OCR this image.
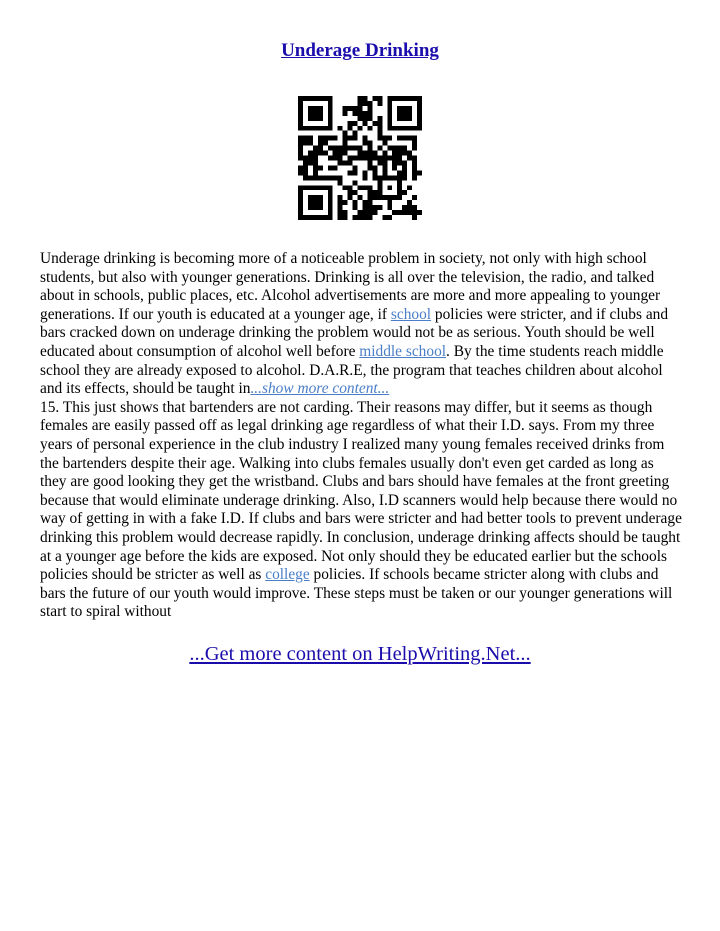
Underage Drinking

Underage drinking is becoming more of a noticeable problem in society, not only with high school students, but also with younger generations. Drinking is all over the television, the radio, and talked about in schools, public places, etc. Alcohol advertisements are more and more appealing to younger generations. If our youth is educated at a younger age, if school policies were stricter, and if clubs and bars cracked down on underage drinking the problem would not be as serious. Youth should be well educated about consumption of alcohol well before middle school. By the time students reach middle school they are already exposed to alcohol. D.A.R.E, the program that teaches children about alcohol and its effects, should be taught in...show more content...

15. This just shows that bartenders are not carding. Their reasons may differ, but it seems as though females are easily passed off as legal drinking age regardless of what their I.D. says. From my three years of personal experience in the club industry I realized many young females received drinks from the bartenders despite their age. Walking into clubs females usually don't even get carded as long as they are good looking they get the wristband. Clubs and bars should have females at the front greeting because that would eliminate underage drinking. Also, I.D scanners would help because there would no way of getting in with a fake I.D. If clubs and bars were stricter and had better tools to prevent underage drinking this problem would decrease rapidly. In conclusion, underage drinking affects should be taught at a younger age before the kids are exposed. Not only should they be educated earlier but the schools policies should be stricter as well as college policies. If schools became stricter along with clubs and bars the future of our youth would improve. These steps must be taken or our younger generations will start to spiral without

...Get more content on HelpWriting.Net...
